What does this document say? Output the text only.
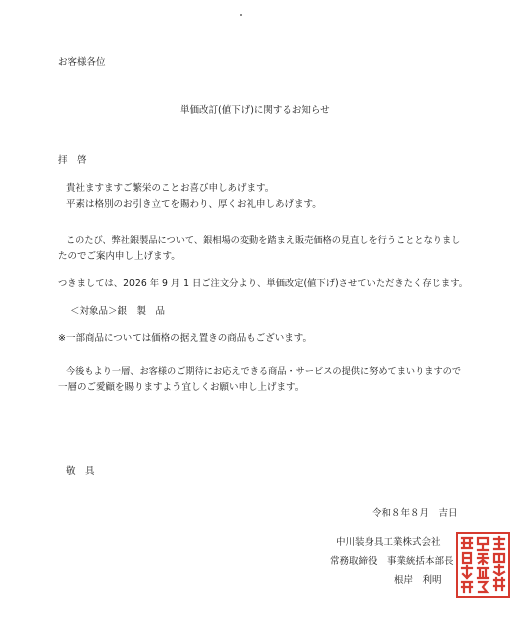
お客様各位
単価改訂(値下げ)に関するお知らせ
拝　啓
貴社ますますご繁栄のことお喜び申しあげます。
平素は格別のお引き立てを賜わり、厚くお礼申しあげます。
このたび、弊社銀製品について、銀相場の変動を踏まえ販売価格の見直しを行うこととなりまし
たのでご案内申し上げます。
つきましては、2026 年 9 月 1 日ご注文分より、単価改定(値下げ)させていただきたく存じます。
＜対象品＞銀　製　品
※一部商品については価格の据え置きの商品もございます。
今後もより一層、お客様のご期待にお応えできる商品・サービスの提供に努めてまいりますので
一層のご愛顧を賜りますよう宜しくお願い申し上げます。
敬　具
令和８年８月　吉日
中川装身具工業株式会社
常務取締役　事業統括本部長
根岸　利明
